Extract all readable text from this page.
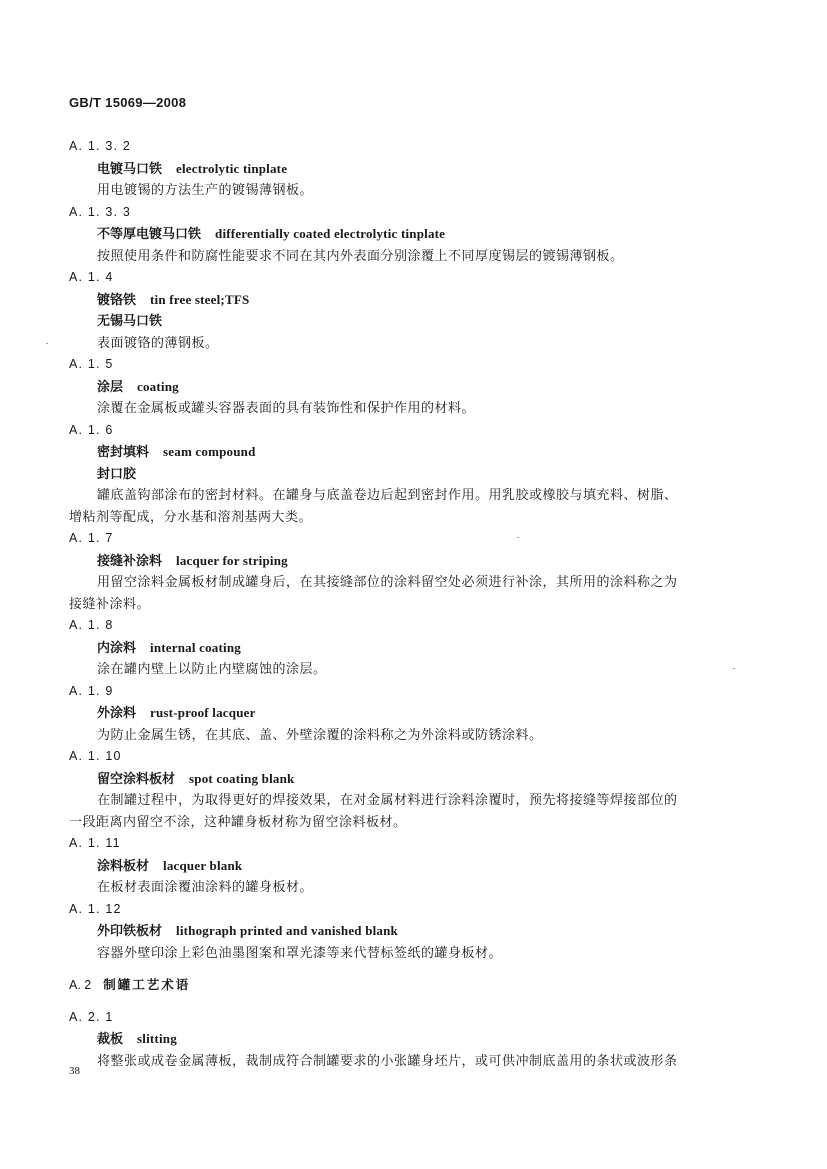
GB/T 15069—2008
A. 1. 3. 2
电镀马口铁 electrolytic tinplate
用电镀锡的方法生产的镀锡薄钢板。
A. 1. 3. 3
不等厚电镀马口铁 differentially coated electrolytic tinplate
按照使用条件和防腐性能要求不同在其内外表面分别涂覆上不同厚度锡层的镀锡薄钢板。
A. 1. 4
镀铬铁 tin free steel;TFS
无锡马口铁
表面镀铬的薄钢板。
A. 1. 5
涂层 coating
涂覆在金属板或罐头容器表面的具有装饰性和保护作用的材料。
A. 1. 6
密封填料 seam compound
封口胶
罐底盖钩部涂布的密封材料。在罐身与底盖卷边后起到密封作用。用乳胶或橡胶与填充料、树脂、
增粘剂等配成，分水基和溶剂基两大类。
A. 1. 7
接缝补涂料 lacquer for striping
用留空涂料金属板材制成罐身后，在其接缝部位的涂料留空处必须进行补涂，其所用的涂料称之为
接缝补涂料。
A. 1. 8
内涂料 internal coating
涂在罐内壁上以防止内壁腐蚀的涂层。
A. 1. 9
外涂料 rust-proof lacquer
为防止金属生锈，在其底、盖、外壁涂覆的涂料称之为外涂料或防锈涂料。
A. 1. 10
留空涂料板材 spot coating blank
在制罐过程中，为取得更好的焊接效果，在对金属材料进行涂料涂覆时，预先将接缝等焊接部位的
一段距离内留空不涂，这种罐身板材称为留空涂料板材。
A. 1. 11
涂料板材 lacquer blank
在板材表面涂覆油涂料的罐身板材。
A. 1. 12
外印铁板材 lithograph printed and vanished blank
容器外壁印涂上彩色油墨图案和罩光漆等来代替标签纸的罐身板材。
A. 2 制罐工艺术语
A. 2. 1
裁板 slitting
将整张或成卷金属薄板，裁制成符合制罐要求的小张罐身坯片，或可供冲制底盖用的条状或波形条
38
